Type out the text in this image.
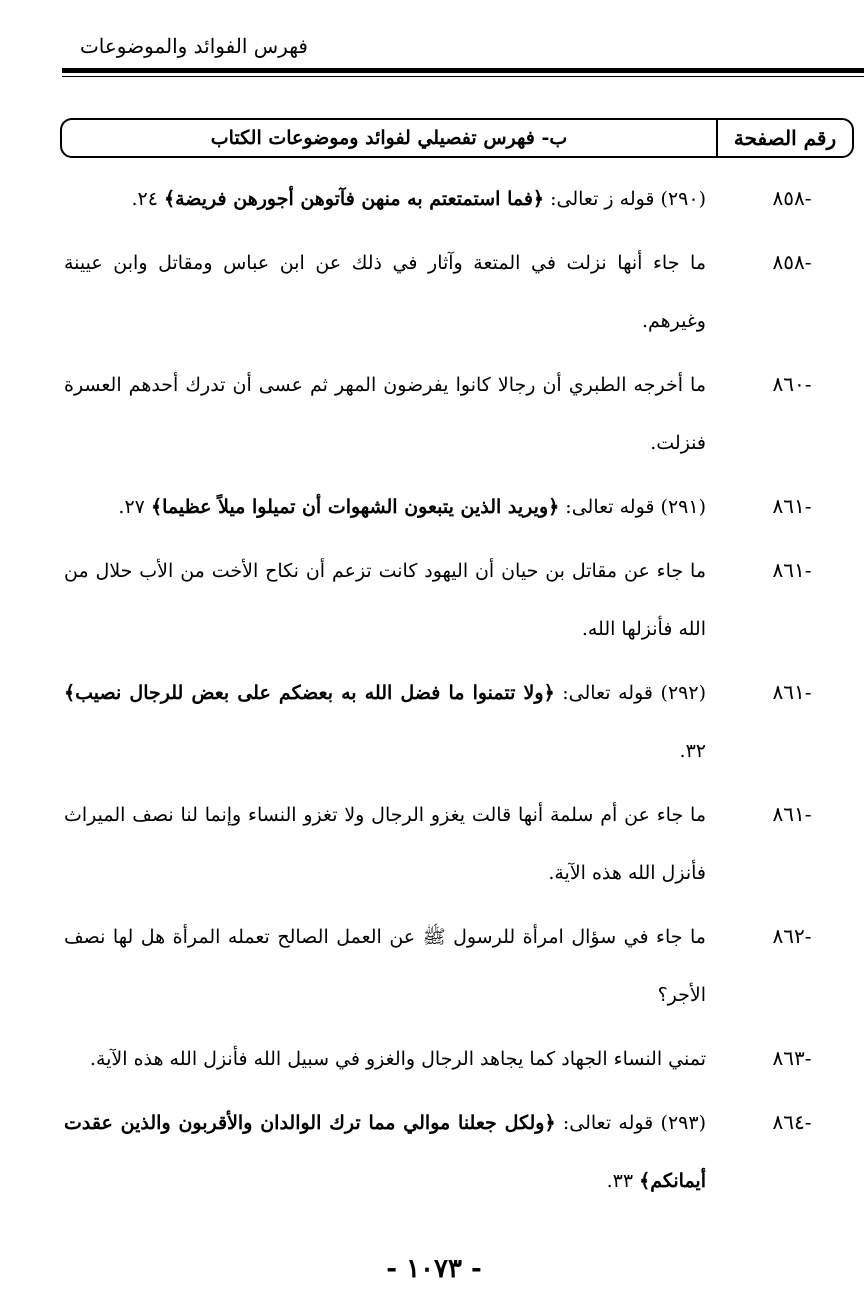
فهرس الفوائد والموضوعات
رقم الصفحة
ب- فهرس تفصيلي لفوائد وموضوعات الكتاب
-٨٥٨
(٢٩٠) قوله ز تعالى: ﴿فما استمتعتم به منهن فآتوهن أجورهن فريضة﴾ ٢٤.
-٨٥٨
ما جاء أنها نزلت في المتعة وآثار في ذلك عن ابن عباس ومقاتل وابن عيينة وغيرهم.
-٨٦٠
ما أخرجه الطبري أن رجالا كانوا يفرضون المهر ثم عسى أن تدرك أحدهم العسرة فنزلت.
-٨٦١
(٢٩١) قوله تعالى: ﴿ويريد الذين يتبعون الشهوات أن تميلوا ميلاً عظيما﴾ ٢٧.
-٨٦١
ما جاء عن مقاتل بن حيان أن اليهود كانت تزعم أن نكاح الأخت من الأب حلال من الله فأنزلها الله.
-٨٦١
(٢٩٢) قوله تعالى: ﴿ولا تتمنوا ما فضل الله به بعضكم على بعض للرجال نصيب﴾ ٣٢.
-٨٦١
ما جاء عن أم سلمة أنها قالت يغزو الرجال ولا تغزو النساء وإنما لنا نصف الميراث فأنزل الله هذه الآية.
-٨٦٢
ما جاء في سؤال امرأة للرسول ﷺ عن العمل الصالح تعمله المرأة هل لها نصف الأجر؟
-٨٦٣
تمني النساء الجهاد كما يجاهد الرجال والغزو في سبيل الله فأنزل الله هذه الآية.
-٨٦٤
(٢٩٣) قوله تعالى: ﴿ولكل جعلنا موالي مما ترك الوالدان والأقربون والذين عقدت أيمانكم﴾ ٣٣.
- ١٠٧٣ -
